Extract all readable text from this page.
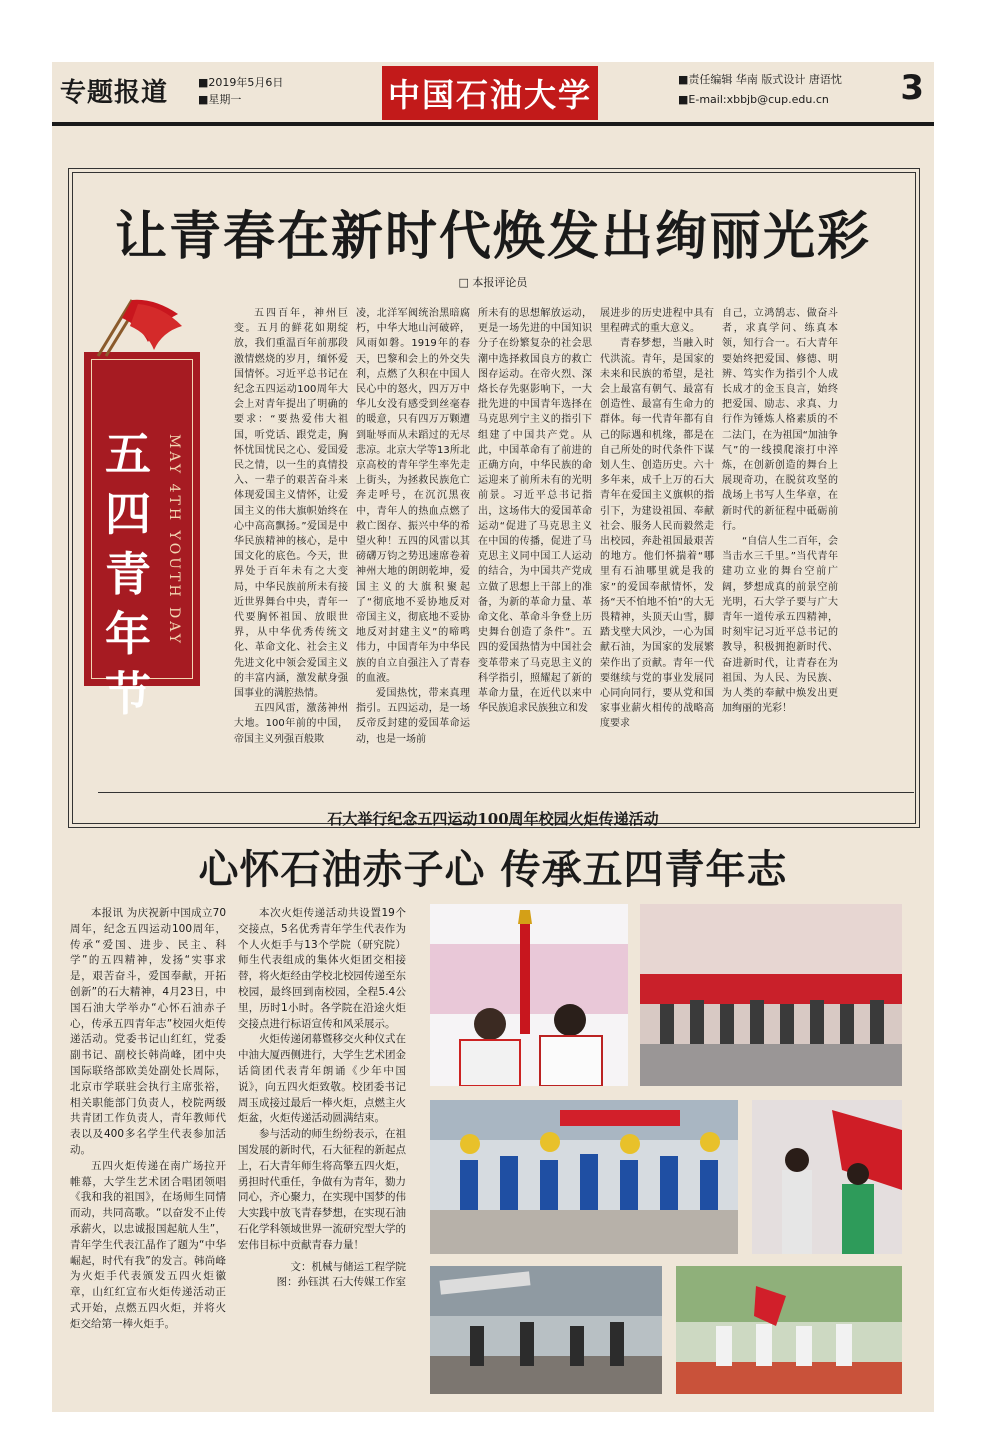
专题报道	■2019年5月6日
■星期一	中国石油大学	■责任编辑 华南 版式设计 唐语忱
■E-mail:xbbjb@cup.edu.cn	3
让青春在新时代焕发出绚丽光彩
□ 本报评论员
五四青年节
MAY 4TH YOUTH DAY

五四百年，神州巨变。五月的鲜花如期绽放，我们重温百年前那段激情燃烧的岁月，缅怀爱国情怀。习近平总书记在纪念五四运动100周年大会上对青年提出了明确的要求：“要热爱伟大祖国，听党话、跟党走，胸怀忧国忧民之心、爱国爱民之情，以一生的真情投入、一辈子的艰苦奋斗来体现爱国主义情怀，让爱国主义的伟大旗帜始终在心中高高飘扬。”爱国是中华民族精神的核心，是中国文化的底色。今天，世界处于百年未有之大变局，中华民族前所未有接近世界舞台中央，青年一代要胸怀祖国、放眼世界，从中华优秀传统文化、革命文化、社会主义先进文化中领会爱国主义的丰富内涵，激发献身强国事业的满腔热情。

五四风雷，激荡神州大地。100年前的中国，帝国主义列强百般欺

凌，北洋军阀统治黑暗腐朽，中华大地山河破碎，风雨如磐。1919年的春天，巴黎和会上的外交失利，点燃了久积在中国人民心中的怒火，四万万中华儿女没有感受到丝毫春的暖意，只有四万万颗遭到耻辱而从未蹈过的无尽悲凉。北京大学等13所北京高校的青年学生率先走上街头，为拯救民族危亡奔走呼号，在沉沉黑夜中，青年人的热血点燃了救亡图存、振兴中华的希望火种！五四的风雷以其磅礴万钧之势迅速席卷着神州大地的朗朗乾坤，爱国主义的大旗积聚起了“彻底地不妥协地反对帝国主义，彻底地不妥协地反对封建主义”的啼鸣伟力，中国青年为中华民族的自立自强注入了青春的血液。

爱国热忱，带来真理指引。五四运动，是一场反帝反封建的爱国革命运动，也是一场前

所未有的思想解放运动，更是一场先进的中国知识分子在纷繁复杂的社会思潮中选择救国良方的救亡图存运动。在帝火烈、深烙长存先驱影响下，一大批先进的中国青年选择在马克思列宁主义的指引下组建了中国共产党。从此，中国革命有了前进的正确方向，中华民族的命运迎来了前所未有的光明前景。习近平总书记指出，这场伟大的爱国革命运动“促进了马克思主义在中国的传播，促进了马克思主义同中国工人运动的结合，为中国共产党成立做了思想上干部上的准备，为新的革命力量、革命文化、革命斗争登上历史舞台创造了条件”。五四的爱国热情为中国社会变革带来了马克思主义的科学指引，照耀起了新的革命力量，在近代以来中华民族追求民族独立和发

展进步的历史进程中具有里程碑式的重大意义。

青春梦想，当融入时代洪流。青年，是国家的未来和民族的希望，是社会上最富有朝气、最富有创造性、最富有生命力的群体。每一代青年都有自己的际遇和机缘，都是在自己所处的时代条件下谋划人生、创造历史。六十多年来，成千上万的石大青年在爱国主义旗帜的指引下，为建设祖国、奉献社会、服务人民而毅然走出校园，奔赴祖国最艰苦的地方。他们怀揣着“哪里有石油哪里就是我的家”的爱国奉献情怀，发扬“天不怕地不怕”的大无畏精神，头顶天山雪，脚踏戈壁大风沙，一心为国献石油，为国家的发展繁荣作出了贡献。青年一代要继续与党的事业发展同心同向同行，要从党和国家事业薪火相传的战略高度要求

自己，立鸿鹄志、做奋斗者，求真学问、练真本领，知行合一。石大青年要始终把爱国、修德、明辨、笃实作为指引个人成长成才的金玉良言，始终把爱国、励志、求真、力行作为锤炼人格素质的不二法门，在为祖国“加油争气”的一线摸爬滚打中淬炼，在创新创造的舞台上展现奇功，在脱贫攻坚的战场上书写人生华章，在新时代的新征程中砥砺前行。

“自信人生二百年，会当击水三千里。”当代青年建功立业的舞台空前广阔，梦想成真的前景空前光明，石大学子要与广大青年一道传承五四精神，时刻牢记习近平总书记的教导，积极拥抱新时代、奋进新时代，让青春在为祖国、为人民、为民族、为人类的奉献中焕发出更加绚丽的光彩！

石大举行纪念五四运动100周年校园火炬传递活动
心怀石油赤子心 传承五四青年志

本报讯 为庆祝新中国成立70周年，纪念五四运动100周年，传承“爱国、进步、民主、科学”的五四精神，发扬“实事求是，艰苦奋斗，爱国奉献，开拓创新”的石大精神，4月23日，中国石油大学举办“心怀石油赤子心，传承五四青年志”校园火炬传递活动。党委书记山红红，党委副书记、副校长韩尚峰，团中央国际联络部欧美处副处长周际，北京市学联驻会执行主席张裕，相关职能部门负责人，校院两级共青团工作负责人，青年教师代表以及400多名学生代表参加活动。

五四火炬传递在南广场拉开帷幕，大学生艺术团合唱团领唱《我和我的祖国》，在场师生同情而动，共同高歌。“以奋发不止传承薪火，以忠诚报国起航人生”，青年学生代表江晶作了题为“中华崛起，时代有我”的发言。韩尚峰为火炬手代表颁发五四火炬徽章，山红红宣布火炬传递活动正式开始，点燃五四火炬，并将火炬交给第一棒火炬手。

本次火炬传递活动共设置19个交接点，5名优秀青年学生代表作为个人火炬手与13个学院（研究院）师生代表组成的集体火炬团交相接替，将火炬经由学校北校园传递至东校园，最终回到南校园，全程5.4公里，历时1小时。各学院在沿途火炬交接点进行标语宣传和风采展示。

火炬传递闭幕暨移交火种仪式在中油大厦西侧进行，大学生艺术团金话筒团代表青年朗诵《少年中国说》，向五四火炬致敬。校团委书记周玉成接过最后一棒火炬，点燃主火炬盆，火炬传递活动圆满结束。

参与活动的师生纷纷表示，在祖国发展的新时代，石大征程的新起点上，石大青年师生将高擎五四火炬，勇担时代重任，争做有为青年，勠力同心，齐心聚力，在实现中国梦的伟大实践中放飞青春梦想，在实现石油石化学科领域世界一流研究型大学的宏伟目标中贡献青春力量！

文：机械与储运工程学院
图：孙钰淇 石大传媒工作室
